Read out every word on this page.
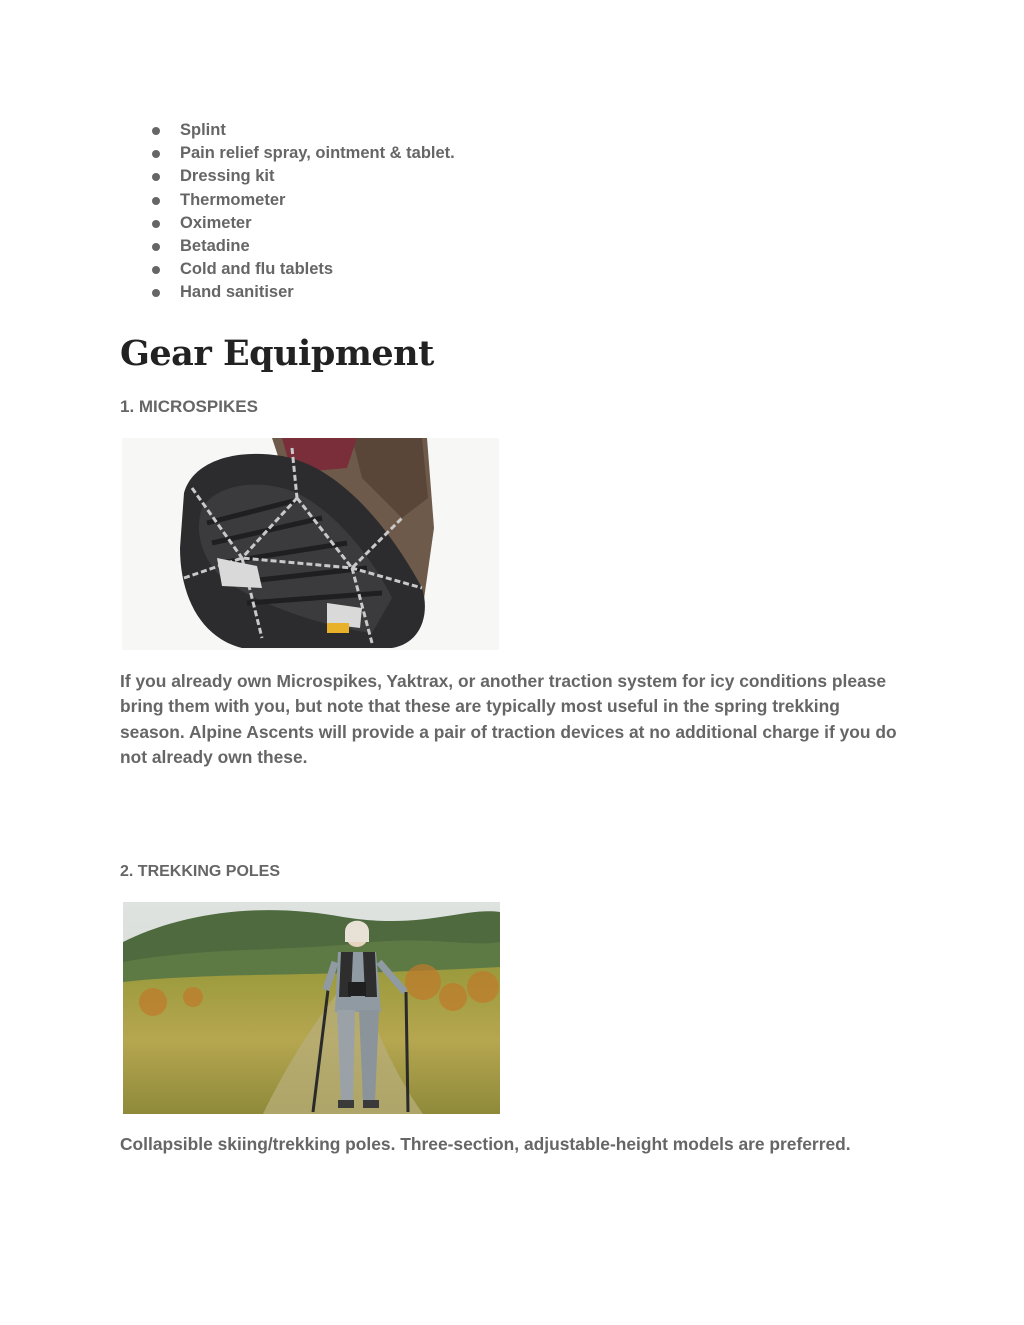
Splint
Pain relief spray, ointment & tablet.
Dressing kit
Thermometer
Oximeter
Betadine
Cold and flu tablets
Hand sanitiser
Gear Equipment
1. MICROSPIKES

If you already own Microspikes, Yaktrax, or another traction system for icy conditions please bring them with you, but note that these are typically most useful in the spring trekking season. Alpine Ascents will provide a pair of traction devices at no additional charge if you do not already own these.

2. TREKKING POLES

Collapsible skiing/trekking poles. Three-section, adjustable-height models are preferred.
